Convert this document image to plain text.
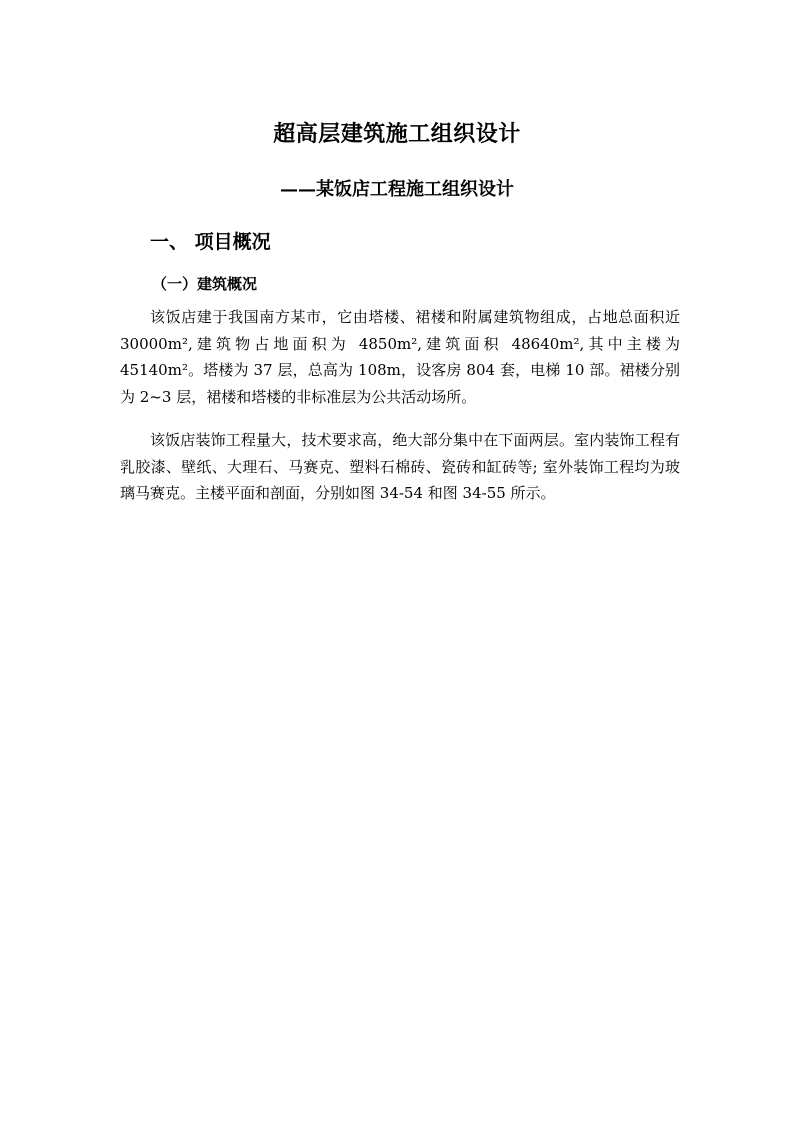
超高层建筑施工组织设计
——某饭店工程施工组织设计
一、 项目概况
（一）建筑概况

该饭店建于我国南方某市，它由塔楼、裙楼和附属建筑物组成，占地总面积近 30000m²,建筑物占地面积为 4850m²,建筑面积 48640m²,其中主楼为 45140m²。塔楼为 37 层，总高为 108m，设客房 804 套，电梯 10 部。裙楼分别为 2~3 层，裙楼和塔楼的非标准层为公共活动场所。

该饭店装饰工程量大，技术要求高，绝大部分集中在下面两层。室内装饰工程有乳胶漆、壁纸、大理石、马赛克、塑料石棉砖、瓷砖和缸砖等; 室外装饰工程均为玻璃马赛克。主楼平面和剖面，分别如图 34-54 和图 34-55 所示。
